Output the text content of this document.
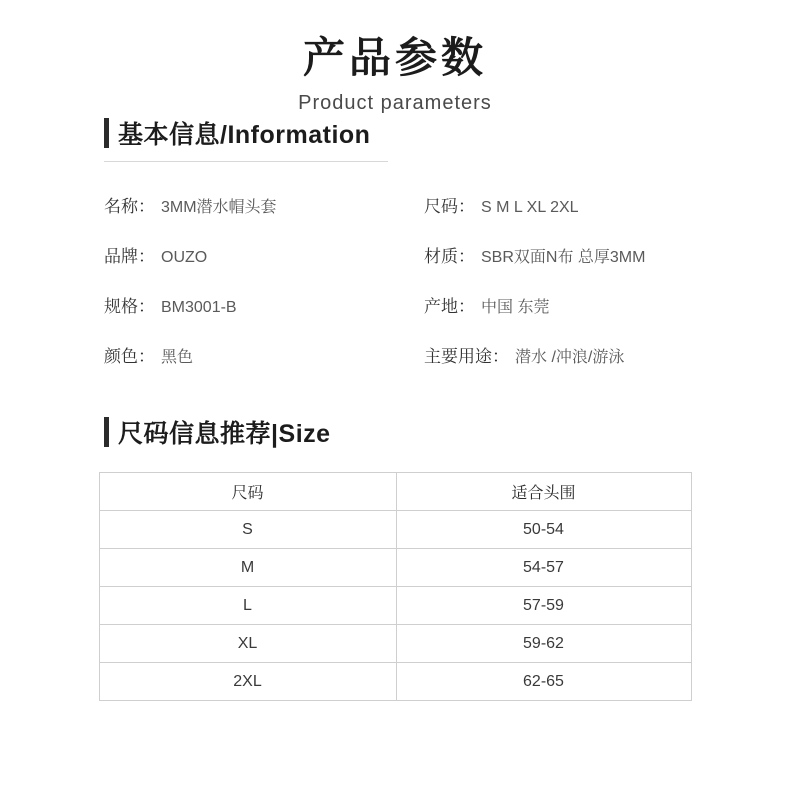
产品参数
Product parameters
基本信息/Information
名称： 3MM潜水帽头套
品牌： OUZO
规格： BM3001-B
颜色： 黑色
尺码： S M L XL 2XL
材质： SBR双面N布 总厚3MM
产地： 中国 东莞
主要用途： 潜水 /冲浪/游泳
尺码信息推荐|Size
尺码	适合头围
S	50-54
M	54-57
L	57-59
XL	59-62
2XL	62-65
